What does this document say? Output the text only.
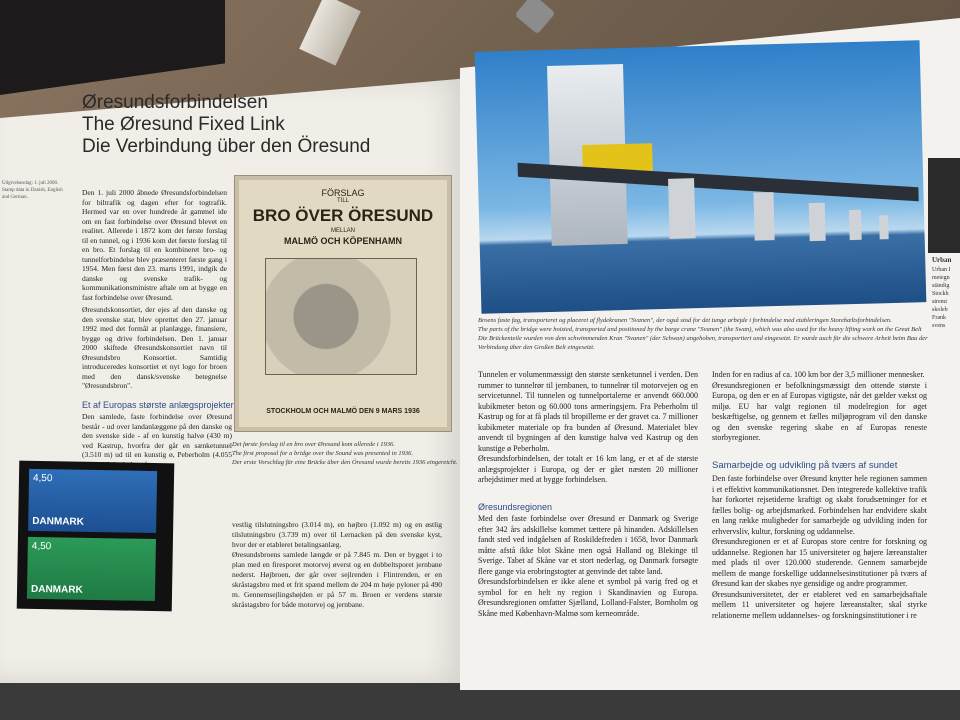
Øresundsforbindelsen
The Øresund Fixed Link
Die Verbindung über den Öresund
Udgivelsesdag: 1. juli 2000. Stamp data in Danish, English and German.
Den 1. juli 2000 åbnede Øresundsforbindelsen for biltrafik og dagen efter for togtrafik. Hermed var en over hundrede år gammel ide om en fast forbindelse over Øresund blevet en realitet. Allerede i 1872 kom det første forslag til en tunnel, og i 1936 kom det første forslag til en bro. Et forslag til en kombineret bro- og tunnelforbindelse blev præsenteret første gang i 1954. Men først den 23. marts 1991, indgik de danske og svenske trafik- og kommunikationsministre aftale om at bygge en fast forbindelse over Øresund.
Øresundskonsortiet, der ejes af den danske og den svenske stat, blev oprettet den 27. januar 1992 med det formål at planlægge, finansiere, bygge og drive forbindelsen. Den 1. januar 2000 skiftede Øresundskonsortiet navn til Øresundsbro Konsortiet. Samtidig introduceredes konsortiet et nyt logo for broen med den dansk/svenske betegnelse "Øresundsbron".
Et af Europas største anlægsprojekter
Den samlede, faste forbindelse over Øresund består - ud over landanlæggene på den danske og den svenske side - af en kunstig halvø (430 m) ved Kastrup, hvorfra der går en sænketunnel (3.510 m) ud til en kunstig ø, Peberholm (4.055
FÖRSLAG
TILL
BRO ÖVER ÖRESUND
MELLAN
MALMÖ OCH KÖPENHAMN
STOCKHOLM OCH MALMÖ DEN 9 MARS 1936
Det første forslag til en bro over Øresund kom allerede i 1936.
The first proposal for a bridge over the Sound was presented in 1936.
Der erste Vorschlag für eine Brücke über den Öresund wurde bereits 1936 eingereicht.
4,50
DANMARK
4,50
DANMARK
vestlig tilslutningsbro (3.014 m), en højbro (1.092 m) og en østlig tilslutningsbro (3.739 m) over til Lernacken på den svenske kyst, hvor der er etableret betalingsanlæg.
Øresundsbroens samlede længde er på 7.845 m. Den er bygget i to plan med en firesporet motorvej øverst og en dobbeltsporet jernbane nederst. Højbroen, der går over sejlrenden i Flintrenden, er en skråstagsbro med et frit spænd mellem de 204 m høje pyloner på 490 m. Gennemsejlingshøjden er på 57 m. Broen er verdens største skråstagsbro for både motorvej og jernbane.
Urban
Urban I metegn ständig Stockh stremt skoleb Frank svens
Broens faste fag, transporteret og placeret af flydekranen "Svanen", der også stod for det tunge arbejde i forbindelse med etableringen Storebæltsforbindelsen.
The parts of the bridge were hoisted, transported and positioned by the barge crane "Svanen" (the Swan), which was also used for the heavy lifting work on the Great Belt
Die Brückenteile wurden von dem schwimmenden Kran "Svanen" (der Schwan) angehoben, transportiert und eingesetzt. Er wurde auch für die schwere Arbeit beim Bau der Verbindung über den Großen Belt eingesetzt.
Tunnelen er volumenmæssigt den største sænketunnel i verden. Den rummer to tunnelrør til jernbanen, to tunnelrør til motorvejen og en servicetunnel. Til tunnelen og tunnelportalerne er anvendt 660.000 kubikmeter beton og 60.000 tons armeringsjern. Fra Peberholm til Kastrup og for at få plads til bropillerne er der gravet ca. 7 millioner kubikmeter materiale op fra bunden af Øresund. Materialet blev anvendt til bygningen af den kunstige halvø ved Kastrup og den kunstige ø Peberholm.
Øresundsforbindelsen, der totalt er 16 km lang, er et af de største anlægsprojekter i Europa, og der er gået næsten 20 millioner arbejdstimer med at bygge forbindelsen.
Øresundsregionen
Med den faste forbindelse over Øresund er Danmark og Sverige efter 342 års adskillelse kommet tættere på hinanden. Adskillelsen fandt sted ved indgåelsen af Roskildefreden i 1658, hvor Danmark måtte afstå ikke blot Skåne men også Halland og Blekinge til Sverige. Tabet af Skåne var et stort nederlag, og Danmark forsøgte flere gange via erobringstogter at genvinde det tabte land.
Øresundsforbindelsen er ikke alene et symbol på varig fred og et symbol for en helt ny region i Skandinavien og Europa. Øresundsregionen omfatter Sjælland, Lolland-Falster, Bornholm og Skåne med København-Malmø som kerneområde.
Inden for en radius af ca. 100 km bor der 3,5 millioner mennesker.
Øresundsregionen er befolkningsmæssigt den ottende største i Europa, og den er en af Europas vigtigste, når det gælder vækst og miljø. EU har valgt regionen til modelregion for øget beskæftigelse, og gennem et fælles miljøprogram vil den danske og den svenske regering skabe en af Europas reneste storbyregioner.
Samarbejde og udvikling på tværs af sundet
Den faste forbindelse over Øresund knytter hele regionen sammen i et effektivt kommunikationsnet. Den integrerede kollektive trafik har forkortet rejsetiderne kraftigt og skabt forudsætninger for et fælles bolig- og arbejdsmarked. Forbindelsen har endvidere skabt en lang række muligheder for samarbejde og udvikling inden for erhvervsliv, kultur, forskning og uddannelse.
Øresundsregionen er et af Europas store centre for forskning og uddannelse. Regionen har 15 universiteter og højere læreanstalter med plads til over 120.000 studerende. Gennem samarbejde mellem de mange forskellige uddannelsesinstitutioner på tværs af Øresund kan der skabes nye gensidige og andre programmer.
Øresundsuniversitetet, der er etableret ved en samarbejdsaftale mellem 11 universiteter og højere læreanstalter, skal styrke relationerne mellem uddannelses- og forskningsinstitutioner i re
